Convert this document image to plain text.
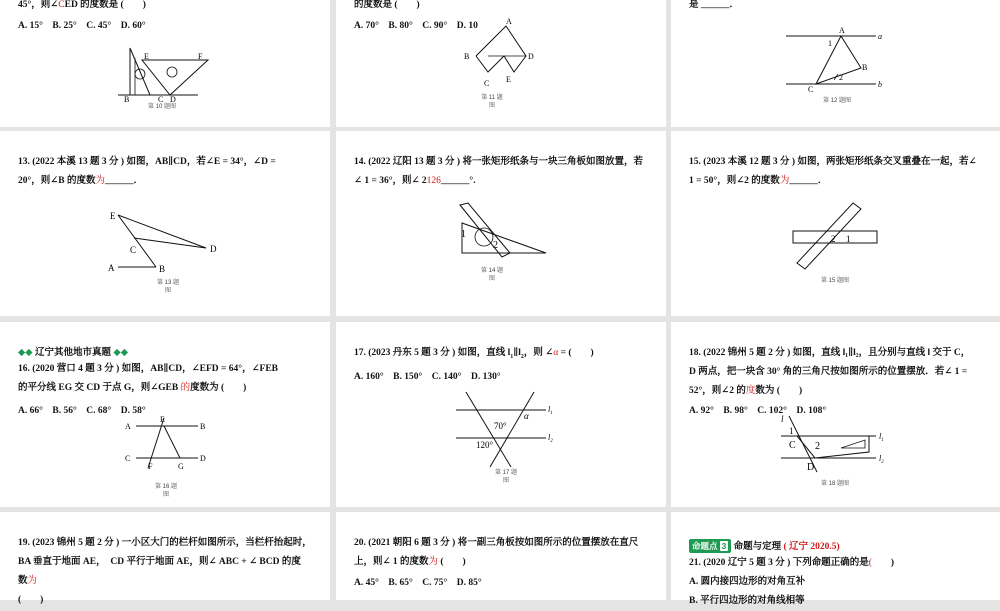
45°，则∠CED 的度数是 (　　)
A. 15°　B. 25°　C. 45°　D. 60°
E	F
B	C D
第 10 题图
的度数是 (　　)
A. 70°　B. 80°　C. 90°　D. 10	A
B	D
C E
第 11 题
图
是 ______．
A
a
1
B
2
C
b
第 12 题图
13. (2022 本溪 13 题 3 分 ) 如图，AB∥CD，若∠E = 34°，∠D =
20°，则∠B 的度数为______．
E
C	D
A	B
第 13 题
图
14. (2022 辽阳 13 题 3 分 ) 将一张矩形纸条与一块三角板如图放置，若
∠ 1 = 36°，则∠ 2126______°.
1
2
第 14 题
图
15. (2023 本溪 12 题 3 分 ) 如图，两张矩形纸条交叉重叠在一起，若∠
1 = 50°，则∠2 的度数为______．
2 1
第 15 题图
◆◆ 辽宁其他地市真题 ◆◆
16. (2020 营口 4 题 3 分 ) 如图，AB∥CD，∠EFD = 64°，∠FEB
的平分线 EG 交 CD 于点 G，则∠GEB 的度数为 (　　)
A. 66°　B. 56°　C. 68°　D. 58°
A
E
B
C
F	G
D
第 16 题
图
17. (2023 丹东 5 题 3 分 ) 如图，直线 $l_1\parallel l_2$，则 ∠α = (　　)
A. 160°　B. 150°　C. 140°　D. 130°
$l_1$
$l_2$
α
70°
120°
第 17 题
图
18. (2022 锦州 5 题 2 分 ) 如图，直线 l₁∥l₂，且分别与直线 l 交于 C，
D 两点，把一块含 30° 角的三角尺按如图所示的位置摆放．若∠ 1 =
52°，则∠2 的度数为 (　　)
A. 92°　B. 98°　C. 102°　D. 108°
l
1
C 2
D
$l_1$
$l_2$
第 18 题图
19. (2023 锦州 5 题 2 分 ) 一小区大门的栏杆如图所示，当栏杆抬起时，
BA 垂直于地面 AE，　CD 平行于地面 AE，则∠ ABC + ∠ BCD 的度
数为
(　　)
20. (2021 朝阳 6 题 3 分 ) 将一副三角板按如图所示的位置摆放在直尺
上，则∠ 1 的度数为 (　　)
A. 45°　B. 65°　C. 75°　D. 85°
命题点 3 命题与定理 ( 辽宁 2020.5)
21. (2020 辽宁 5 题 3 分 ) 下列命题正确的是(　　)
A. 圆内接四边形的对角互补
B. 平行四边形的对角线相等
